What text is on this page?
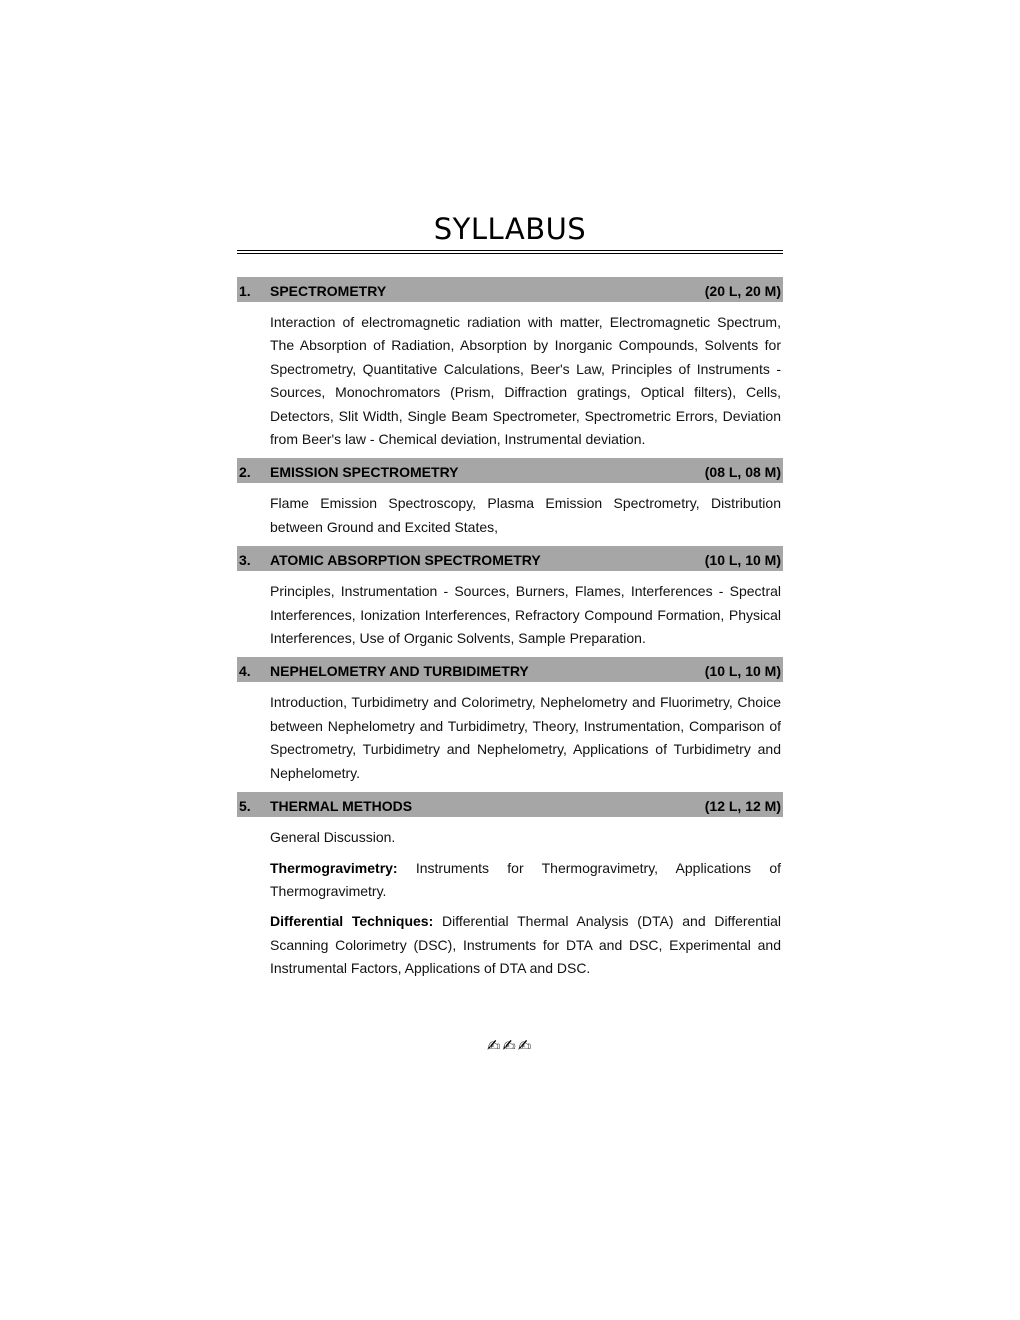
SYLLABUS
1. SPECTROMETRY	(20 L, 20 M)

Interaction of electromagnetic radiation with matter, Electromagnetic Spectrum, The Absorption of Radiation, Absorption by Inorganic Compounds, Solvents for Spectrometry, Quantitative Calculations, Beer's Law, Principles of Instruments - Sources, Monochromators (Prism, Diffraction gratings, Optical filters), Cells, Detectors, Slit Width, Single Beam Spectrometer, Spectrometric Errors, Deviation from Beer's law - Chemical deviation, Instrumental deviation.

2. EMISSION SPECTROMETRY	(08 L, 08 M)

Flame Emission Spectroscopy, Plasma Emission Spectrometry, Distribution between Ground and Excited States,

3. ATOMIC ABSORPTION SPECTROMETRY	(10 L, 10 M)

Principles, Instrumentation - Sources, Burners, Flames, Interferences - Spectral Interferences, Ionization Interferences, Refractory Compound Formation, Physical Interferences, Use of Organic Solvents, Sample Preparation.

4. NEPHELOMETRY AND TURBIDIMETRY	(10 L, 10 M)

Introduction, Turbidimetry and Colorimetry, Nephelometry and Fluorimetry, Choice between Nephelometry and Turbidimetry, Theory, Instrumentation, Comparison of Spectrometry, Turbidimetry and Nephelometry, Applications of Turbidimetry and Nephelometry.

5. THERMAL METHODS	(12 L, 12 M)

General Discussion.

Thermogravimetry: Instruments for Thermogravimetry, Applications of Thermogravimetry.

Differential Techniques: Differential Thermal Analysis (DTA) and Differential Scanning Colorimetry (DSC), Instruments for DTA and DSC, Experimental and Instrumental Factors, Applications of DTA and DSC.

✍✍✍
